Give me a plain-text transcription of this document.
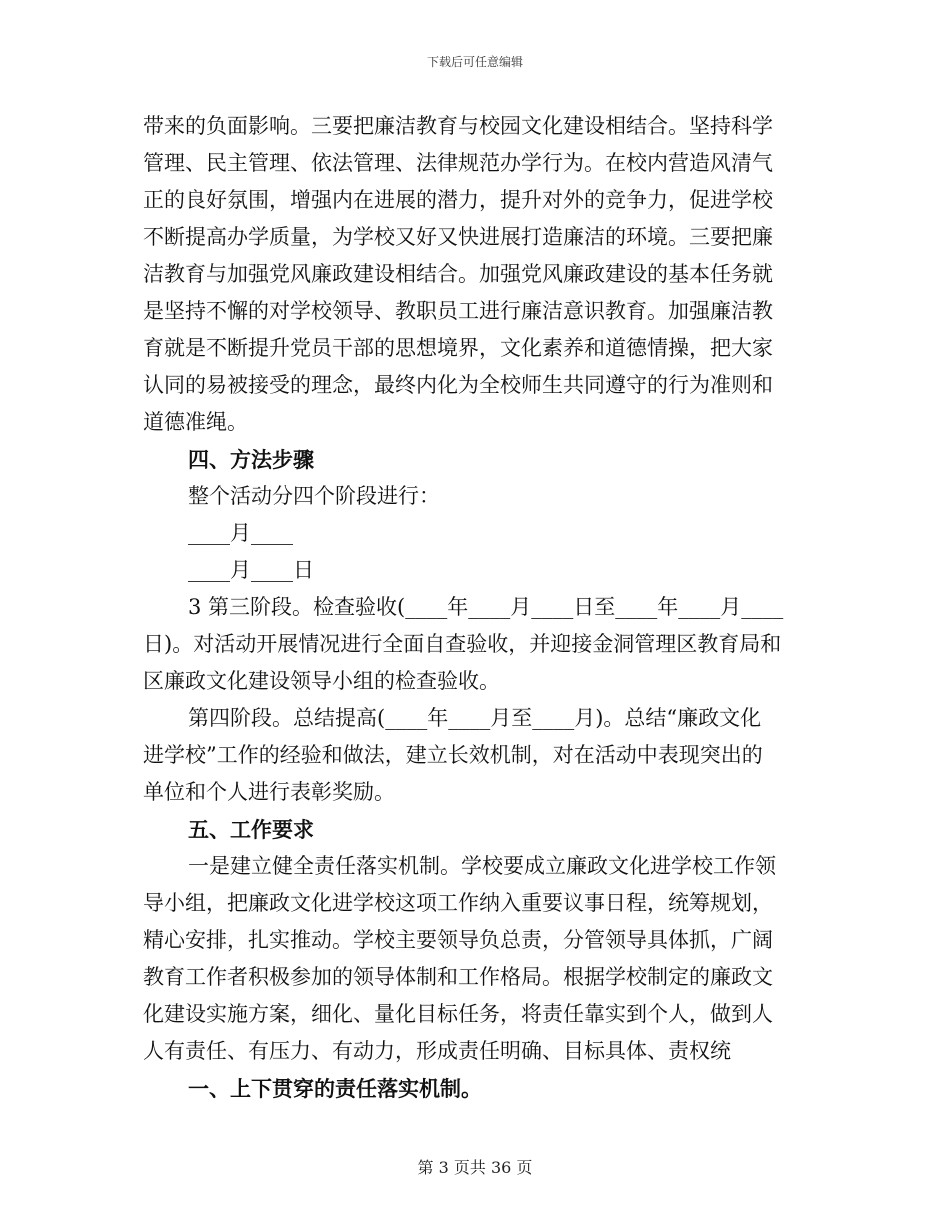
下载后可任意编辑
带来的负面影响。三要把廉洁教育与校园文化建设相结合。坚持科学
管理、民主管理、依法管理、法律规范办学行为。在校内营造风清气
正的良好氛围，增强内在进展的潜力，提升对外的竞争力，促进学校
不断提高办学质量，为学校又好又快进展打造廉洁的环境。三要把廉
洁教育与加强党风廉政建设相结合。加强党风廉政建设的基本任务就
是坚持不懈的对学校领导、教职员工进行廉洁意识教育。加强廉洁教
育就是不断提升党员干部的思想境界，文化素养和道德情操，把大家
认同的易被接受的理念，最终内化为全校师生共同遵守的行为准则和
道德准绳。
四、方法步骤
整个活动分四个阶段进行：
____月____
____月____日
3 第三阶段。检查验收(____年____月____日至____年____月____
日)。对活动开展情况进行全面自查验收，并迎接金洞管理区教育局和
区廉政文化建设领导小组的检查验收。
第四阶段。总结提高(____年____月至____月)。总结“廉政文化
进学校”工作的经验和做法，建立长效机制，对在活动中表现突出的
单位和个人进行表彰奖励。
五、工作要求
一是建立健全责任落实机制。学校要成立廉政文化进学校工作领
导小组，把廉政文化进学校这项工作纳入重要议事日程，统筹规划，
精心安排，扎实推动。学校主要领导负总责，分管领导具体抓，广阔
教育工作者积极参加的领导体制和工作格局。根据学校制定的廉政文
化建设实施方案，细化、量化目标任务，将责任靠实到个人，做到人
人有责任、有压力、有动力，形成责任明确、目标具体、责权统
一、上下贯穿的责任落实机制。
第 3 页共 36 页
